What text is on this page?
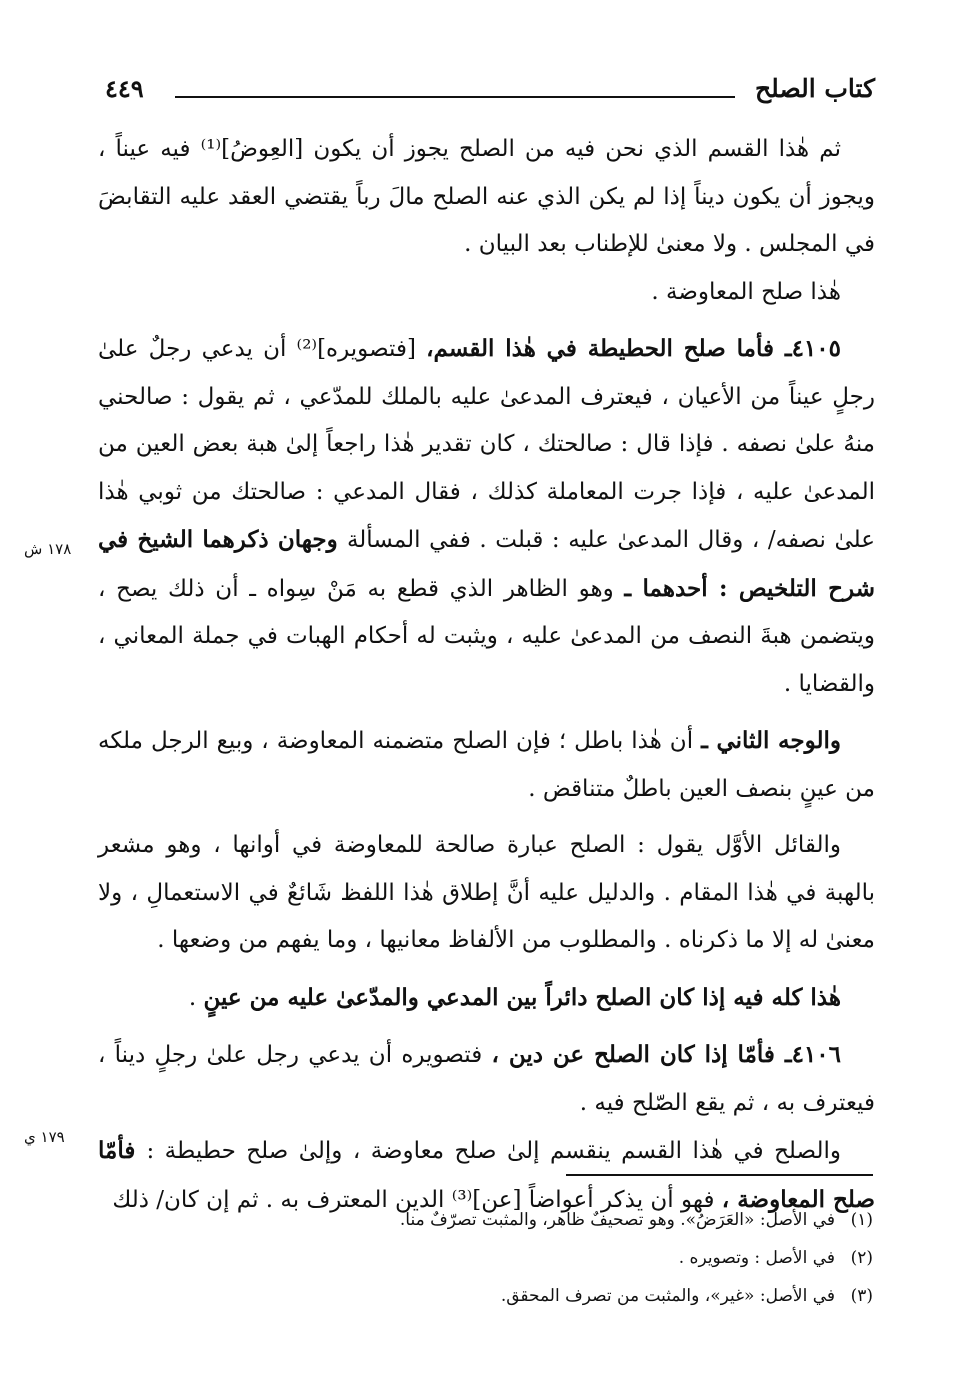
كتاب الصلح
٤٤٩

ثم هٰذا القسم الذي نحن فيه من الصلح يجوز أن يكون [العِوضُ]⁽¹⁾ فيه عيناً ، ويجوز أن يكون ديناً إذا لم يكن الذي عنه الصلح مالَ رباً يقتضي العقد عليه التقابضَ في المجلس . ولا معنىٰ للإطناب بعد البيان .

هٰذا صلح المعاوضة .

٤١٠٥ـ فأما صلح الحطيطة في هٰذا القسم، [فتصويره]⁽²⁾ أن يدعي رجلٌ علىٰ رجلٍ عيناً من الأعيان ، فيعترف المدعىٰ عليه بالملك للمدّعي ، ثم يقول : صالحني منهُ علىٰ نصفه . فإذا قال : صالحتك ، كان تقدير هٰذا راجعاً إلىٰ هبة بعض العين من المدعىٰ عليه ، فإذا جرت المعاملة كذلك ، فقال المدعي : صالحتك من ثوبي هٰذا علىٰ نصفه/ ، وقال المدعىٰ عليه : قبلت . ففي المسألة وجهان ذكرهما الشيخ في شرح التلخيص : أحدهما ـ وهو الظاهر الذي قطع به مَنْ سِواه ـ أن ذلك يصح ، ويتضمن هبةَ النصف من المدعىٰ عليه ، ويثبت له أحكام الهبات في جملة المعاني ، والقضايا .

والوجه الثاني ـ أن هٰذا باطل ؛ فإن الصلح متضمنه المعاوضة ، وبيع الرجل ملكه من عينٍ بنصف العين باطلٌ متناقض .

والقائل الأوَّل يقول : الصلح عبارة صالحة للمعاوضة في أوانها ، وهو مشعر بالهبة في هٰذا المقام . والدليل عليه أنَّ إطلاق هٰذا اللفظ شَائعٌ في الاستعمالِ ، ولا معنىٰ له إلا ما ذكرناه . والمطلوب من الألفاظ معانيها ، وما يفهم من وضعها .

هٰذا كله فيه إذا كان الصلح دائراً بين المدعي والمدّعىٰ عليه من عينٍ .

٤١٠٦ـ فأمّا إذا كان الصلح عن دين ، فتصويره أن يدعي رجل علىٰ رجلٍ ديناً ، فيعترف به ، ثم يقع الصّلح فيه .

والصلح في هٰذا القسم ينقسم إلىٰ صلح معاوضة ، وإلىٰ صلح حطيطة : فأمّا صلح المعاوضة ، فهو أن يذكر أعواضاً [عن]⁽³⁾ الدين المعترف به . ثم إن كان/ ذلك

١٧٨ ش
١٧٩ ي

(١)في الأصل: «العَرَضُ». وهو تصحيفٌ ظاهر، والمثبت تصرّفٌ منا.

(٢)في الأصل : وتصويره .

(٣)في الأصل: «غير»، والمثبت من تصرف المحقق.
